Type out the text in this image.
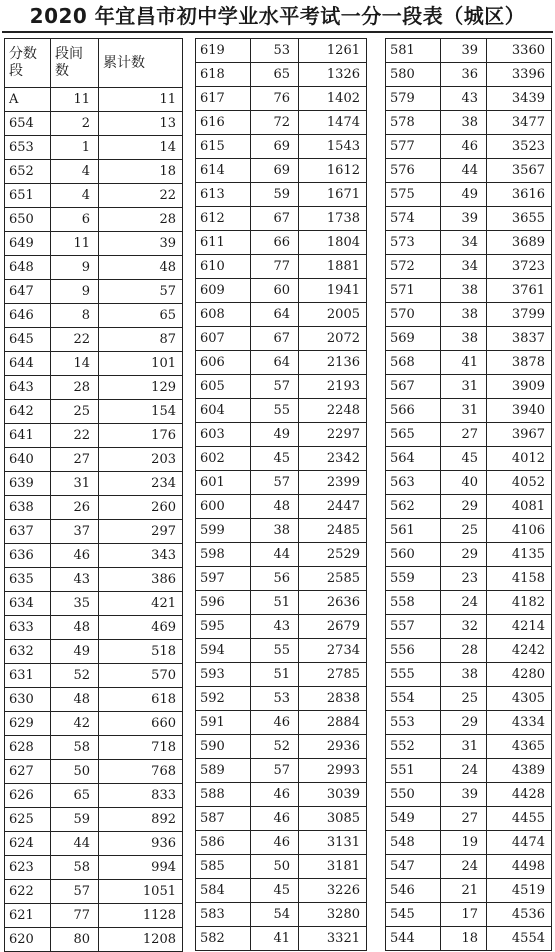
2020 年宜昌市初中学业水平考试一分一段表（城区）
分数段	段间数	累计数
A	11	11
654	2	13
653	1	14
652	4	18
651	4	22
650	6	28
649	11	39
648	9	48
647	9	57
646	8	65
645	22	87
644	14	101
643	28	129
642	25	154
641	22	176
640	27	203
639	31	234
638	26	260
637	37	297
636	46	343
635	43	386
634	35	421
633	48	469
632	49	518
631	52	570
630	48	618
629	42	660
628	58	718
627	50	768
626	65	833
625	59	892
624	44	936
623	58	994
622	57	1051
621	77	1128
620	80	1208
619	53	1261
618	65	1326
617	76	1402
616	72	1474
615	69	1543
614	69	1612
613	59	1671
612	67	1738
611	66	1804
610	77	1881
609	60	1941
608	64	2005
607	67	2072
606	64	2136
605	57	2193
604	55	2248
603	49	2297
602	45	2342
601	57	2399
600	48	2447
599	38	2485
598	44	2529
597	56	2585
596	51	2636
595	43	2679
594	55	2734
593	51	2785
592	53	2838
591	46	2884
590	52	2936
589	57	2993
588	46	3039
587	46	3085
586	46	3131
585	50	3181
584	45	3226
583	54	3280
582	41	3321
581	39	3360
580	36	3396
579	43	3439
578	38	3477
577	46	3523
576	44	3567
575	49	3616
574	39	3655
573	34	3689
572	34	3723
571	38	3761
570	38	3799
569	38	3837
568	41	3878
567	31	3909
566	31	3940
565	27	3967
564	45	4012
563	40	4052
562	29	4081
561	25	4106
560	29	4135
559	23	4158
558	24	4182
557	32	4214
556	28	4242
555	38	4280
554	25	4305
553	29	4334
552	31	4365
551	24	4389
550	39	4428
549	27	4455
548	19	4474
547	24	4498
546	21	4519
545	17	4536
544	18	4554
